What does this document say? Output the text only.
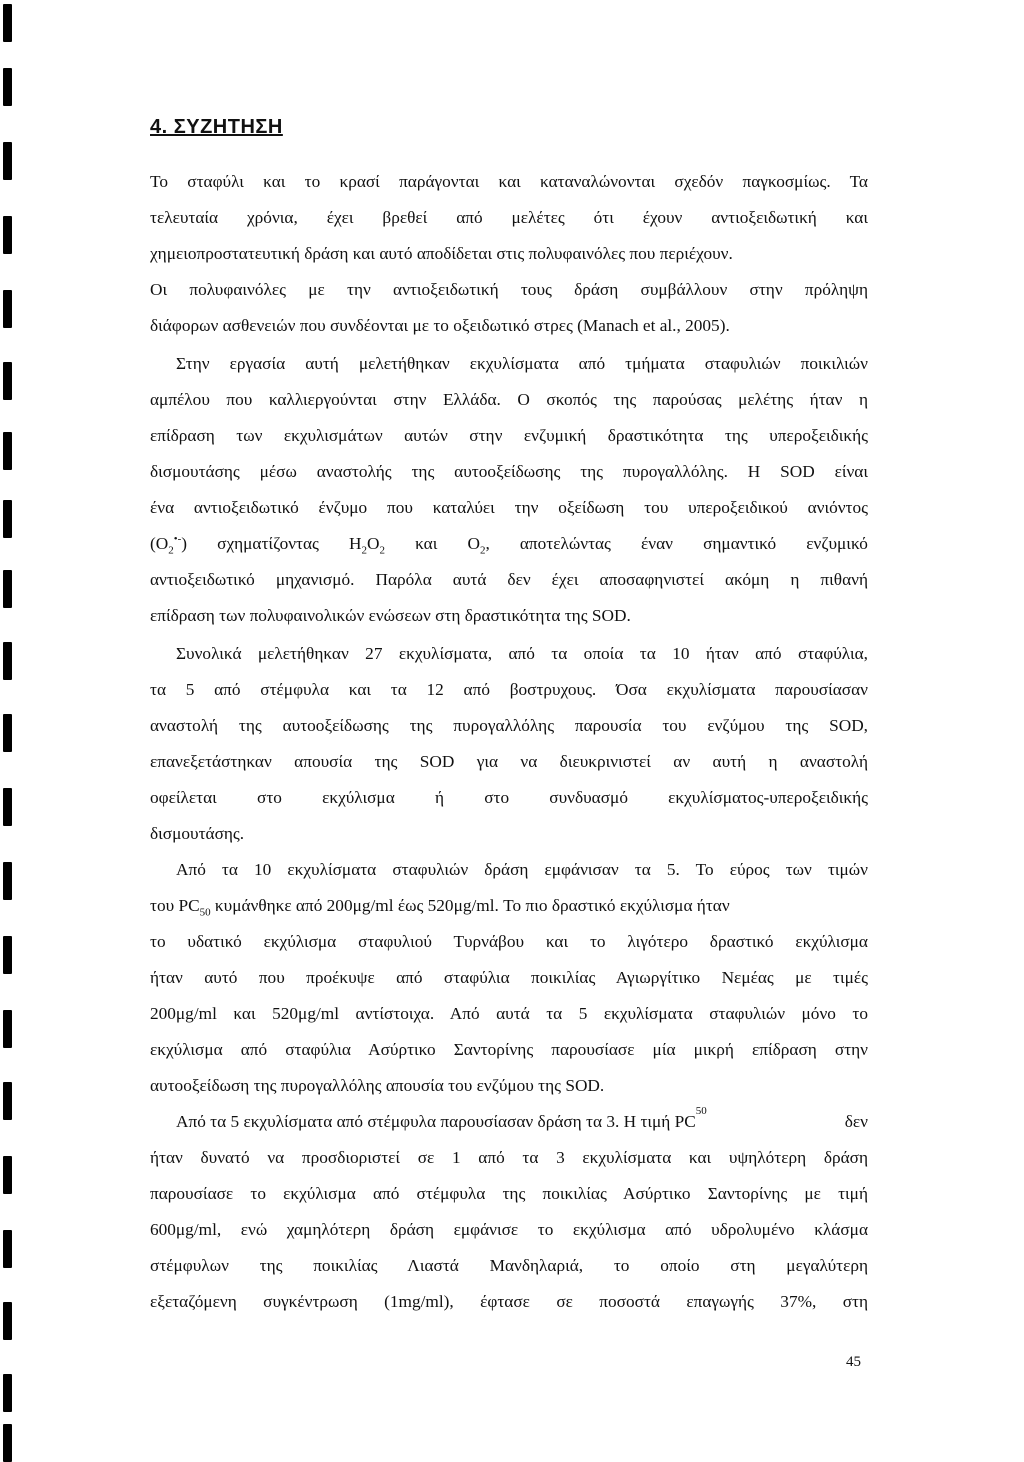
4. ΣΥΖΗΤΗΣΗ
Το σταφύλι και το κρασί παράγονται και καταναλώνονται σχεδόν παγκοσμίως. Τα
τελευταία χρόνια, έχει βρεθεί από μελέτες ότι έχουν αντιοξειδωτική και
χημειοπροστατευτική δράση και αυτό αποδίδεται στις πολυφαινόλες που περιέχουν.
Οι πολυφαινόλες με την αντιοξειδωτική τους δράση συμβάλλουν στην πρόληψη
διάφορων ασθενειών που συνδέονται με το οξειδωτικό στρες (Manach et al., 2005).
Στην εργασία αυτή μελετήθηκαν εκχυλίσματα από τμήματα σταφυλιών ποικιλιών
αμπέλου που καλλιεργούνται στην Ελλάδα. Ο σκοπός της παρούσας μελέτης ήταν η
επίδραση των εκχυλισμάτων αυτών στην ενζυμική δραστικότητα της υπεροξειδικής
δισμουτάσης μέσω αναστολής της αυτοοξείδωσης της πυρογαλλόλης. Η SOD είναι
ένα αντιοξειδωτικό ένζυμο που καταλύει την οξείδωση του υπεροξειδικού ανιόντος
$(O_2^{•-})$ σχηματίζοντας $H_2O_2$ και $O_2$, αποτελώντας έναν σημαντικό ενζυμικό
αντιοξειδωτικό μηχανισμό. Παρόλα αυτά δεν έχει αποσαφηνιστεί ακόμη η πιθανή
επίδραση των πολυφαινολικών ενώσεων στη δραστικότητα της SOD.
Συνολικά μελετήθηκαν 27 εκχυλίσματα, από τα οποία τα 10 ήταν από σταφύλια,
τα 5 από στέμφυλα και τα 12 από βοστρυχους. Όσα εκχυλίσματα παρουσίασαν
αναστολή της αυτοοξείδωσης της πυρογαλλόλης παρουσία του ενζύμου της SOD,
επανεξετάστηκαν απουσία της SOD για να διευκρινιστεί αν αυτή η αναστολή
οφείλεται στο εκχύλισμα ή στο συνδυασμό εκχυλίσματος-υπεροξειδικής
δισμουτάσης.
Από τα 10 εκχυλίσματα σταφυλιών δράση εμφάνισαν τα 5. Το εύρος των τιμών
του $PC_{50}$ κυμάνθηκε από 200μg/ml έως 520μg/ml. Το πιο δραστικό εκχύλισμα ήταν
το υδατικό εκχύλισμα σταφυλιού Τυρνάβου και το λιγότερο δραστικό εκχύλισμα
ήταν αυτό που προέκυψε από σταφύλια ποικιλίας Αγιωργίτικο Νεμέας με τιμές
200μg/ml και 520μg/ml αντίστοιχα. Από αυτά τα 5 εκχυλίσματα σταφυλιών μόνο το
εκχύλισμα από σταφύλια Ασύρτικο Σαντορίνης παρουσίασε μία μικρή επίδραση στην
αυτοοξείδωση της πυρογαλλόλης απουσία του ενζύμου της SOD.
Από τα 5 εκχυλίσματα από στέμφυλα παρουσίασαν δράση τα 3. Η τιμή PC
50
δεν
ήταν δυνατό να προσδιοριστεί σε 1 από τα 3 εκχυλίσματα και υψηλότερη δράση
παρουσίασε το εκχύλισμα από στέμφυλα της ποικιλίας Ασύρτικο Σαντορίνης με τιμή
600μg/ml, ενώ χαμηλότερη δράση εμφάνισε το εκχύλισμα από υδρολυμένο κλάσμα
στέμφυλων της ποικιλίας Λιαστά Μανδηλαριά, το οποίο στη μεγαλύτερη
εξεταζόμενη συγκέντρωση (1mg/ml), έφτασε σε ποσοστά επαγωγής 37%, στη
45
